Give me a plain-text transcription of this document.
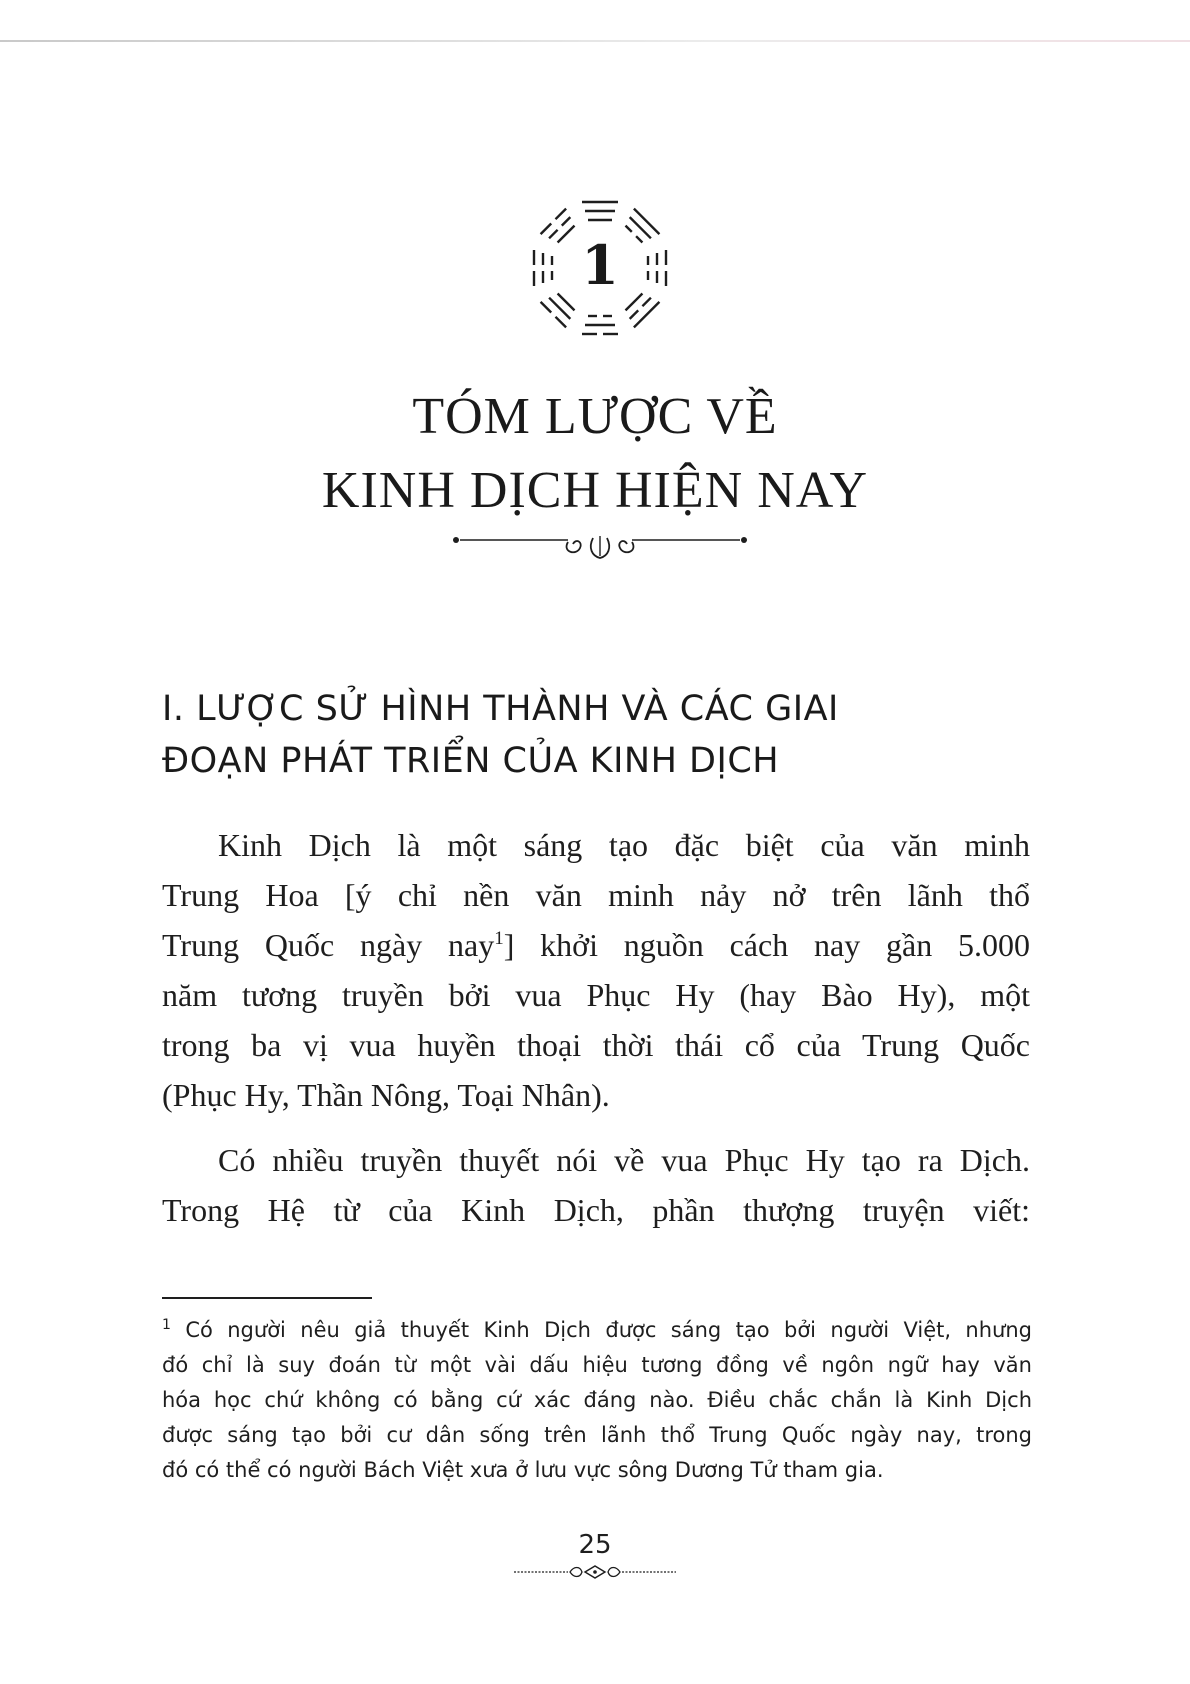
1
TÓM LƯỢC VỀ
KINH DỊCH HIỆN NAY
I. LƯỢC SỬ HÌNH THÀNH VÀ CÁC GIAI
ĐOẠN PHÁT TRIỂN CỦA KINH DỊCH
Kinh Dịch là một sáng tạo đặc biệt của văn minh
Trung Hoa [ý chỉ nền văn minh nảy nở trên lãnh thổ
Trung Quốc ngày nay$^1$] khởi nguồn cách nay gần 5.000
năm tương truyền bởi vua Phục Hy (hay Bào Hy), một
trong ba vị vua huyền thoại thời thái cổ của Trung Quốc
(Phục Hy, Thần Nông, Toại Nhân).
Có nhiều truyền thuyết nói về vua Phục Hy tạo ra Dịch.
Trong Hệ từ của Kinh Dịch, phần thượng truyện viết:
$^1$ Có người nêu giả thuyết Kinh Dịch được sáng tạo bởi người Việt, nhưng
đó chỉ là suy đoán từ một vài dấu hiệu tương đồng về ngôn ngữ hay văn
hóa học chứ không có bằng cứ xác đáng nào. Điều chắc chắn là Kinh Dịch
được sáng tạo bởi cư dân sống trên lãnh thổ Trung Quốc ngày nay, trong
đó có thể có người Bách Việt xưa ở lưu vực sông Dương Tử tham gia.
25
